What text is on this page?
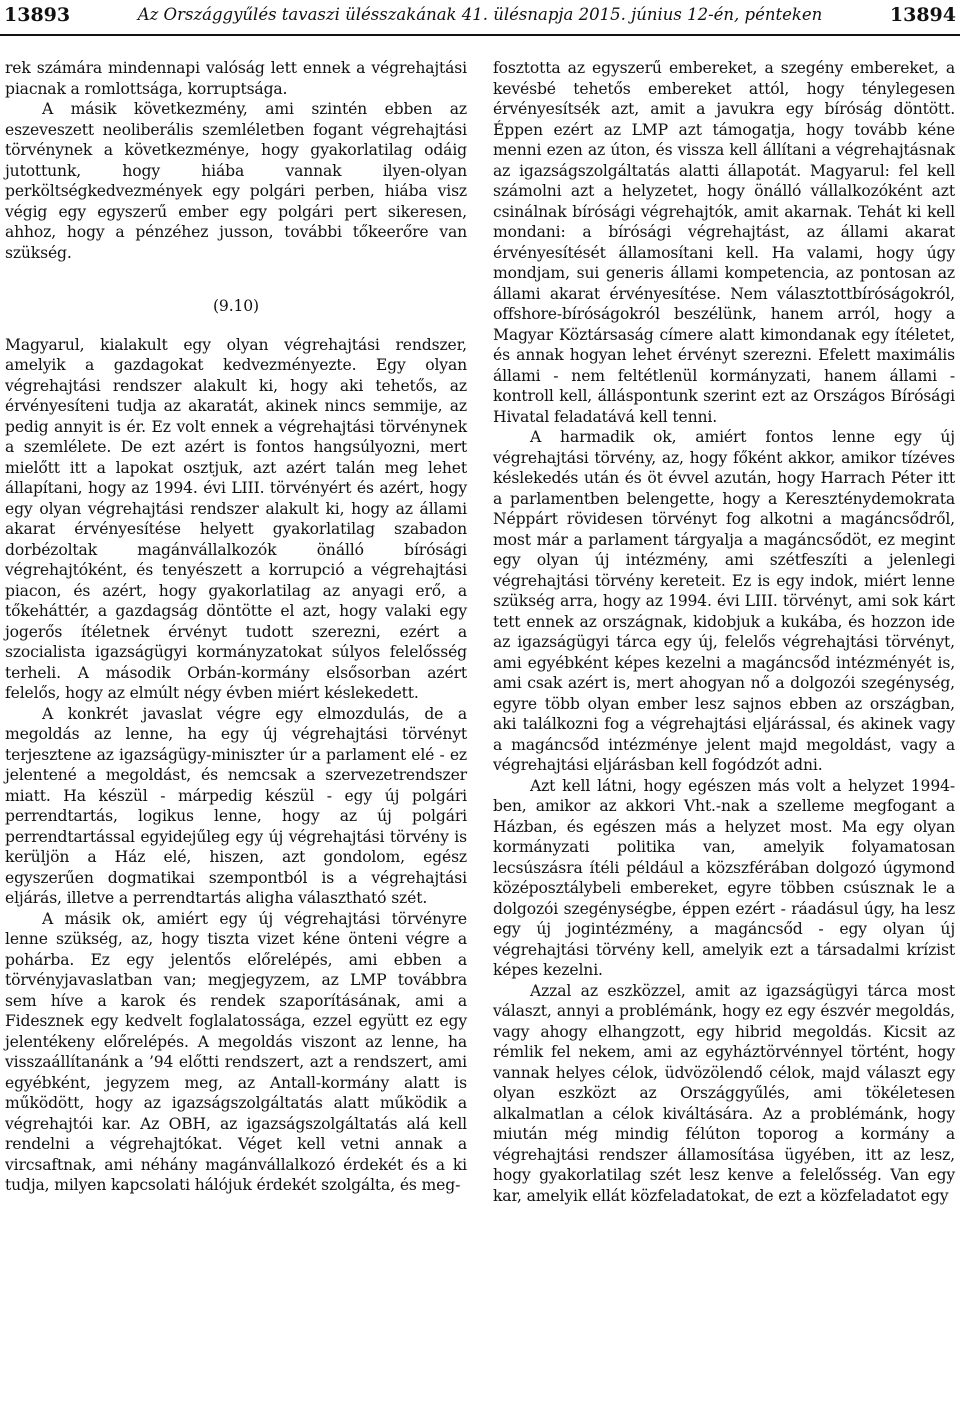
13893	Az Országgyűlés tavaszi ülésszakának 41. ülésnapja 2015. június 12-én, pénteken	13894

rek számára mindennapi valóság lett ennek a végrehajtási piacnak a romlottsága, korruptsága.

A másik következmény, ami szintén ebben az eszeveszett neoliberális szemléletben fogant végrehajtási törvénynek a következménye, hogy gyakorlatilag odáig jutottunk, hogy hiába vannak ilyen-olyan perköltségkedvezmények egy polgári perben, hiába visz végig egy egyszerű ember egy polgári pert sikeresen, ahhoz, hogy a pénzéhez jusson, további tőkeerőre van szükség.

(9.10)

Magyarul, kialakult egy olyan végrehajtási rendszer, amelyik a gazdagokat kedvezményezte. Egy olyan végrehajtási rendszer alakult ki, hogy aki tehetős, az érvényesíteni tudja az akaratát, akinek nincs semmije, az pedig annyit is ér. Ez volt ennek a végrehajtási törvénynek a szemlélete. De ezt azért is fontos hangsúlyozni, mert mielőtt itt a lapokat osztjuk, azt azért talán meg lehet állapítani, hogy az 1994. évi LIII. törvényért és azért, hogy egy olyan végrehajtási rendszer alakult ki, hogy az állami akarat érvényesítése helyett gyakorlatilag szabadon dorbézoltak magánvállalkozók önálló bírósági végrehajtóként, és tenyészett a korrupció a végrehajtási piacon, és azért, hogy gyakorlatilag az anyagi erő, a tőkeháttér, a gazdagság döntötte el azt, hogy valaki egy jogerős ítéletnek érvényt tudott szerezni, ezért a szocialista igazságügyi kormányzatokat súlyos felelősség terheli. A második Orbán-kormány elsősorban azért felelős, hogy az elmúlt négy évben miért késlekedett.

A konkrét javaslat végre egy elmozdulás, de a megoldás az lenne, ha egy új végrehajtási törvényt terjesztene az igazságügy-miniszter úr a parlament elé - ez jelentené a megoldást, és nemcsak a szervezetrendszer miatt. Ha készül - márpedig készül - egy új polgári perrendtartás, logikus lenne, hogy az új polgári perrendtartással egyidejűleg egy új végrehajtási törvény is kerüljön a Ház elé, hiszen, azt gondolom, egész egyszerűen dogmatikai szempontból is a végrehajtási eljárás, illetve a perrendtartás aligha választható szét.

A másik ok, amiért egy új végrehajtási törvényre lenne szükség, az, hogy tiszta vizet kéne önteni végre a pohárba. Ez egy jelentős előrelépés, ami ebben a törvényjavaslatban van; megjegyzem, az LMP továbbra sem híve a karok és rendek szaporításának, ami a Fidesznek egy kedvelt foglalatossága, ezzel együtt ez egy jelentékeny előrelépés. A megoldás viszont az lenne, ha visszaállítanánk a ’94 előtti rendszert, azt a rendszert, ami egyébként, jegyzem meg, az Antall-kormány alatt is működött, hogy az igazságszolgáltatás alatt működik a végrehajtói kar. Az OBH, az igazságszolgáltatás alá kell rendelni a végrehajtókat. Véget kell vetni annak a vircsaftnak, ami néhány magánvállalkozó érdekét és a ki tudja, milyen kapcsolati hálójuk érdekét szolgálta, és meg-

fosztotta az egyszerű embereket, a szegény embereket, a kevésbé tehetős embereket attól, hogy ténylegesen érvényesítsék azt, amit a javukra egy bíróság döntött. Éppen ezért az LMP azt támogatja, hogy tovább kéne menni ezen az úton, és vissza kell állítani a végrehajtásnak az igazságszolgáltatás alatti állapotát. Magyarul: fel kell számolni azt a helyzetet, hogy önálló vállalkozóként azt csinálnak bírósági végrehajtók, amit akarnak. Tehát ki kell mondani: a bírósági végrehajtást, az állami akarat érvényesítését államosítani kell. Ha valami, hogy úgy mondjam, sui generis állami kompetencia, az pontosan az állami akarat érvényesítése. Nem választottbíróságokról, offshore-bíróságokról beszélünk, hanem arról, hogy a Magyar Köztársaság címere alatt kimondanak egy ítéletet, és annak hogyan lehet érvényt szerezni. Efelett maximális állami - nem feltétlenül kormányzati, hanem állami - kontroll kell, álláspontunk szerint ezt az Országos Bírósági Hivatal feladatává kell tenni.

A harmadik ok, amiért fontos lenne egy új végrehajtási törvény, az, hogy főként akkor, amikor tízéves késlekedés után és öt évvel azután, hogy Harrach Péter itt a parlamentben belengette, hogy a Kereszténydemokrata Néppárt rövidesen törvényt fog alkotni a magáncsődről, most már a parlament tárgyalja a magáncsődöt, ez megint egy olyan új intézmény, ami szétfeszíti a jelenlegi végrehajtási törvény kereteit. Ez is egy indok, miért lenne szükség arra, hogy az 1994. évi LIII. törvényt, ami sok kárt tett ennek az országnak, kidobjuk a kukába, és hozzon ide az igazságügyi tárca egy új, felelős végrehajtási törvényt, ami egyébként képes kezelni a magáncsőd intézményét is, ami csak azért is, mert ahogyan nő a dolgozói szegénység, egyre több olyan ember lesz sajnos ebben az országban, aki találkozni fog a végrehajtási eljárással, és akinek vagy a magáncsőd intézménye jelent majd megoldást, vagy a végrehajtási eljárásban kell fogódzót adni.

Azt kell látni, hogy egészen más volt a helyzet 1994-ben, amikor az akkori Vht.-nak a szelleme megfogant a Házban, és egészen más a helyzet most. Ma egy olyan kormányzati politika van, amelyik folyamatosan lecsúszásra ítéli például a közszférában dolgozó úgymond középosztálybeli embereket, egyre többen csúsznak le a dolgozói szegénységbe, éppen ezért - ráadásul úgy, ha lesz egy új jogintézmény, a magáncsőd - egy olyan új végrehajtási törvény kell, amelyik ezt a társadalmi krízist képes kezelni.

Azzal az eszközzel, amit az igazságügyi tárca most választ, annyi a problémánk, hogy ez egy észvér megoldás, vagy ahogy elhangzott, egy hibrid megoldás. Kicsit az rémlik fel nekem, ami az egyháztörvénnyel történt, hogy vannak helyes célok, üdvözölendő célok, majd választ egy olyan eszközt az Országgyűlés, ami tökéletesen alkalmatlan a célok kiváltására. Az a problémánk, hogy miután még mindig félúton toporog a kormány a végrehajtási rendszer államosítása ügyében, itt az lesz, hogy gyakorlatilag szét lesz kenve a felelősség. Van egy kar, amelyik ellát közfeladatokat, de ezt a közfeladatot egy
